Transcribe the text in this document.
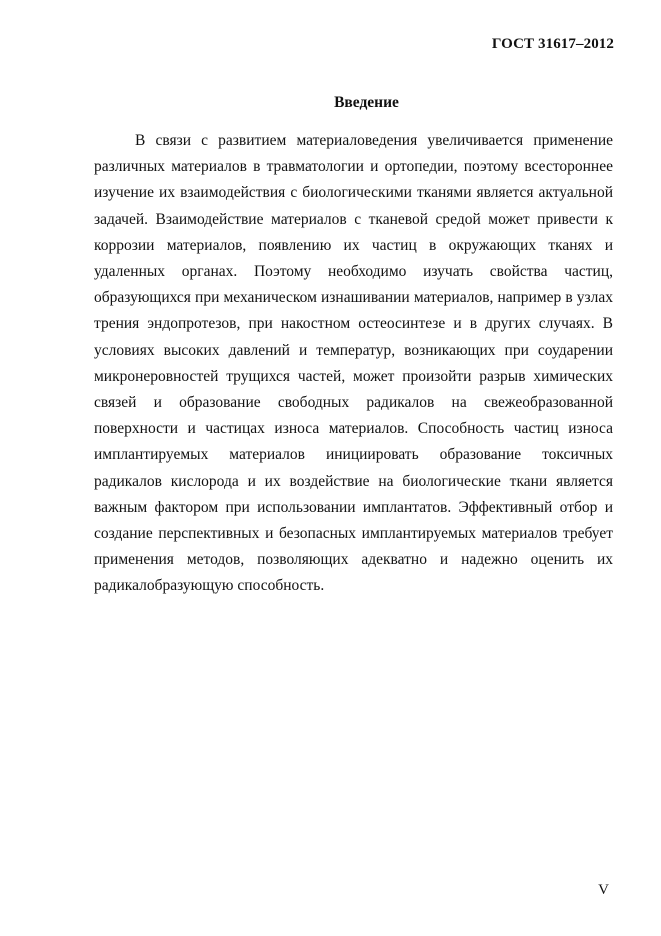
ГОСТ 31617–2012
Введение

В связи с развитием материаловедения увеличивается применение различных материалов в травматологии и ортопедии, поэтому всестороннее изучение их взаимодействия с биологическими тканями является актуальной задачей. Взаимодействие материалов с тканевой средой может привести к коррозии материалов, появлению их частиц в окружающих тканях и удаленных органах. Поэтому необходимо изучать свойства частиц, образующихся при механическом изнашивании материалов, например в узлах трения эндопротезов, при накостном остеосинтезе и в других случаях. В условиях высоких давлений и температур, возникающих при соударении микронеровностей трущихся частей, может произойти разрыв химических связей и образование свободных радикалов на свежеобразованной поверхности и частицах износа материалов. Способность частиц износа имплантируемых материалов инициировать образование токсичных радикалов кислорода и их воздействие на биологические ткани является важным фактором при использовании имплантатов. Эффективный отбор и создание перспективных и безопасных имплантируемых материалов требует применения методов, позволяющих адекватно и надежно оценить их радикалобразующую способность.

V
